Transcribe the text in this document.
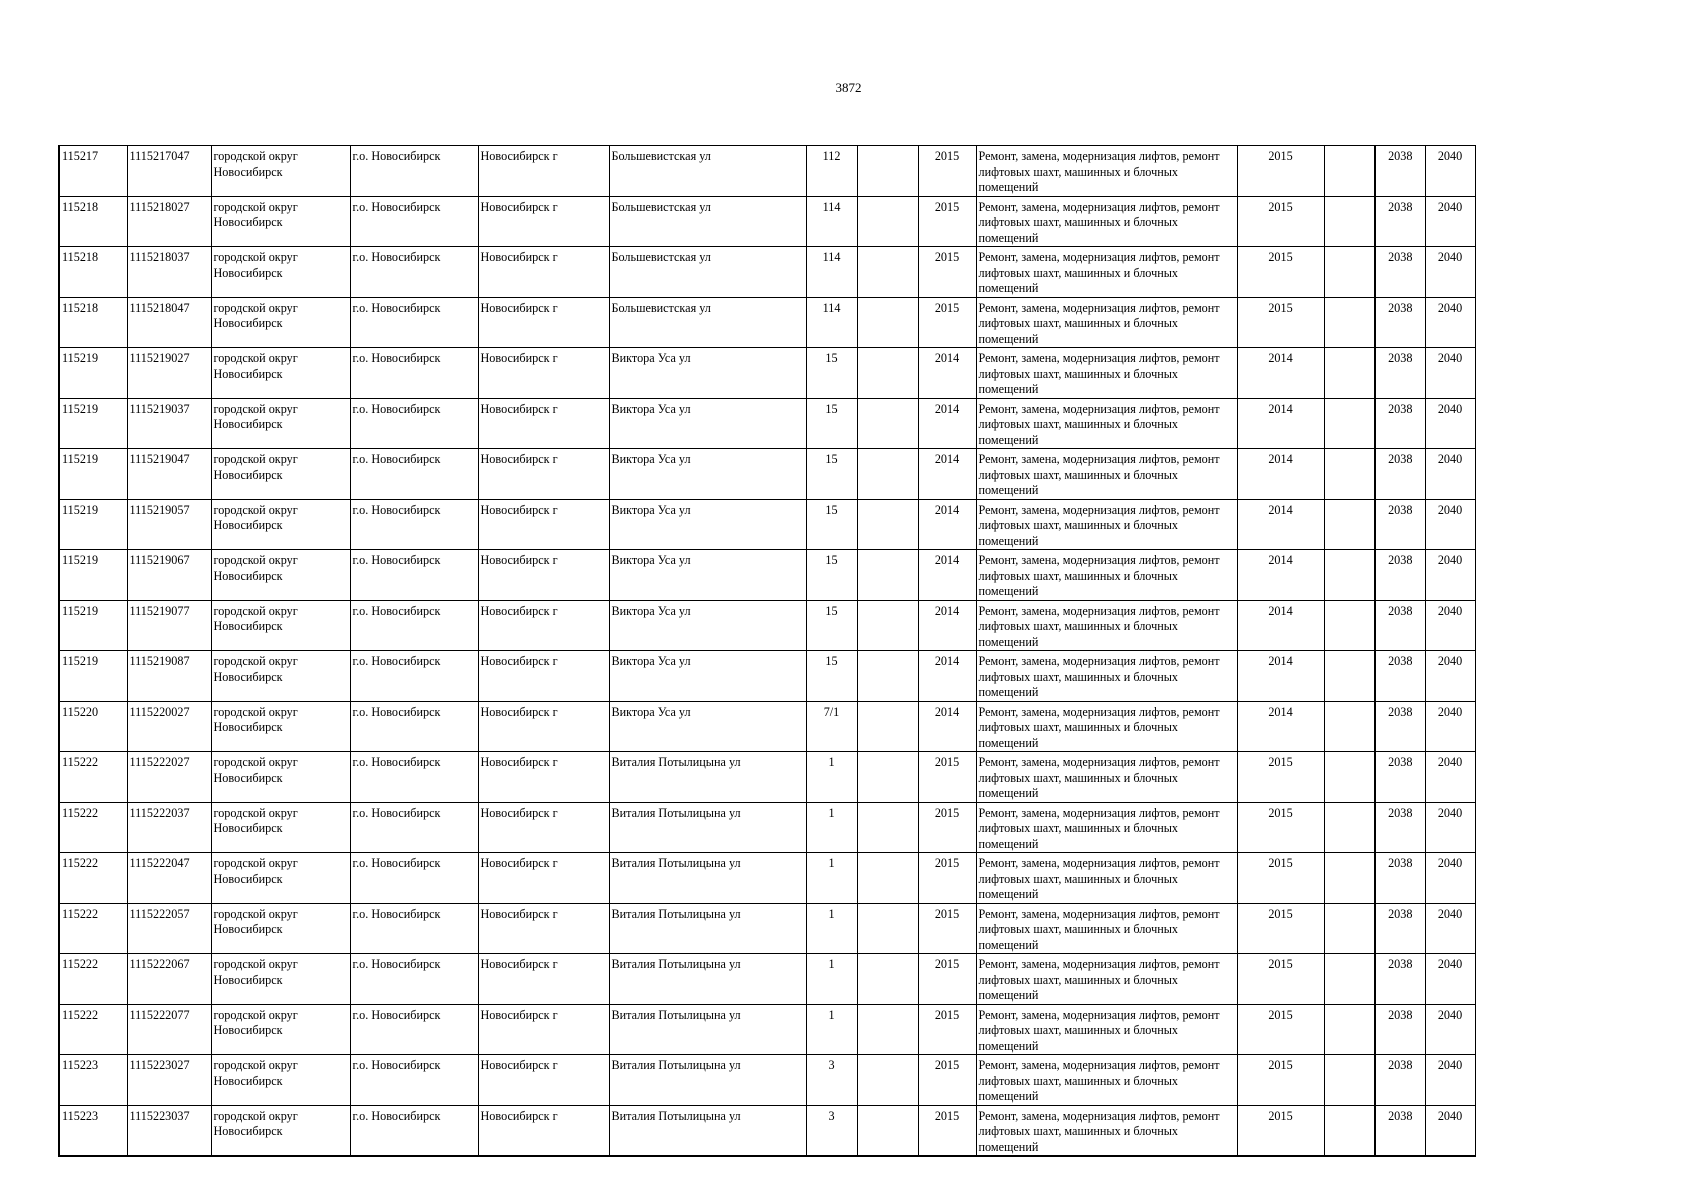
3872
115217	1115217047	городской округ Новосибирск	г.о. Новосибирск	Новосибирск г	Большевистская ул	112		2015	Ремонт, замена, модернизация лифтов, ремонт лифтовых шахт, машинных и блочных помещений	2015		2038	2040
115218	1115218027	городской округ Новосибирск	г.о. Новосибирск	Новосибирск г	Большевистская ул	114		2015	Ремонт, замена, модернизация лифтов, ремонт лифтовых шахт, машинных и блочных помещений	2015		2038	2040
115218	1115218037	городской округ Новосибирск	г.о. Новосибирск	Новосибирск г	Большевистская ул	114		2015	Ремонт, замена, модернизация лифтов, ремонт лифтовых шахт, машинных и блочных помещений	2015		2038	2040
115218	1115218047	городской округ Новосибирск	г.о. Новосибирск	Новосибирск г	Большевистская ул	114		2015	Ремонт, замена, модернизация лифтов, ремонт лифтовых шахт, машинных и блочных помещений	2015		2038	2040
115219	1115219027	городской округ Новосибирск	г.о. Новосибирск	Новосибирск г	Виктора Уса ул	15		2014	Ремонт, замена, модернизация лифтов, ремонт лифтовых шахт, машинных и блочных помещений	2014		2038	2040
115219	1115219037	городской округ Новосибирск	г.о. Новосибирск	Новосибирск г	Виктора Уса ул	15		2014	Ремонт, замена, модернизация лифтов, ремонт лифтовых шахт, машинных и блочных помещений	2014		2038	2040
115219	1115219047	городской округ Новосибирск	г.о. Новосибирск	Новосибирск г	Виктора Уса ул	15		2014	Ремонт, замена, модернизация лифтов, ремонт лифтовых шахт, машинных и блочных помещений	2014		2038	2040
115219	1115219057	городской округ Новосибирск	г.о. Новосибирск	Новосибирск г	Виктора Уса ул	15		2014	Ремонт, замена, модернизация лифтов, ремонт лифтовых шахт, машинных и блочных помещений	2014		2038	2040
115219	1115219067	городской округ Новосибирск	г.о. Новосибирск	Новосибирск г	Виктора Уса ул	15		2014	Ремонт, замена, модернизация лифтов, ремонт лифтовых шахт, машинных и блочных помещений	2014		2038	2040
115219	1115219077	городской округ Новосибирск	г.о. Новосибирск	Новосибирск г	Виктора Уса ул	15		2014	Ремонт, замена, модернизация лифтов, ремонт лифтовых шахт, машинных и блочных помещений	2014		2038	2040
115219	1115219087	городской округ Новосибирск	г.о. Новосибирск	Новосибирск г	Виктора Уса ул	15		2014	Ремонт, замена, модернизация лифтов, ремонт лифтовых шахт, машинных и блочных помещений	2014		2038	2040
115220	1115220027	городской округ Новосибирск	г.о. Новосибирск	Новосибирск г	Виктора Уса ул	7/1		2014	Ремонт, замена, модернизация лифтов, ремонт лифтовых шахт, машинных и блочных помещений	2014		2038	2040
115222	1115222027	городской округ Новосибирск	г.о. Новосибирск	Новосибирск г	Виталия Потылицына ул	1		2015	Ремонт, замена, модернизация лифтов, ремонт лифтовых шахт, машинных и блочных помещений	2015		2038	2040
115222	1115222037	городской округ Новосибирск	г.о. Новосибирск	Новосибирск г	Виталия Потылицына ул	1		2015	Ремонт, замена, модернизация лифтов, ремонт лифтовых шахт, машинных и блочных помещений	2015		2038	2040
115222	1115222047	городской округ Новосибирск	г.о. Новосибирск	Новосибирск г	Виталия Потылицына ул	1		2015	Ремонт, замена, модернизация лифтов, ремонт лифтовых шахт, машинных и блочных помещений	2015		2038	2040
115222	1115222057	городской округ Новосибирск	г.о. Новосибирск	Новосибирск г	Виталия Потылицына ул	1		2015	Ремонт, замена, модернизация лифтов, ремонт лифтовых шахт, машинных и блочных помещений	2015		2038	2040
115222	1115222067	городской округ Новосибирск	г.о. Новосибирск	Новосибирск г	Виталия Потылицына ул	1		2015	Ремонт, замена, модернизация лифтов, ремонт лифтовых шахт, машинных и блочных помещений	2015		2038	2040
115222	1115222077	городской округ Новосибирск	г.о. Новосибирск	Новосибирск г	Виталия Потылицына ул	1		2015	Ремонт, замена, модернизация лифтов, ремонт лифтовых шахт, машинных и блочных помещений	2015		2038	2040
115223	1115223027	городской округ Новосибирск	г.о. Новосибирск	Новосибирск г	Виталия Потылицына ул	3		2015	Ремонт, замена, модернизация лифтов, ремонт лифтовых шахт, машинных и блочных помещений	2015		2038	2040
115223	1115223037	городской округ Новосибирск	г.о. Новосибирск	Новосибирск г	Виталия Потылицына ул	3		2015	Ремонт, замена, модернизация лифтов, ремонт лифтовых шахт, машинных и блочных помещений	2015		2038	2040
